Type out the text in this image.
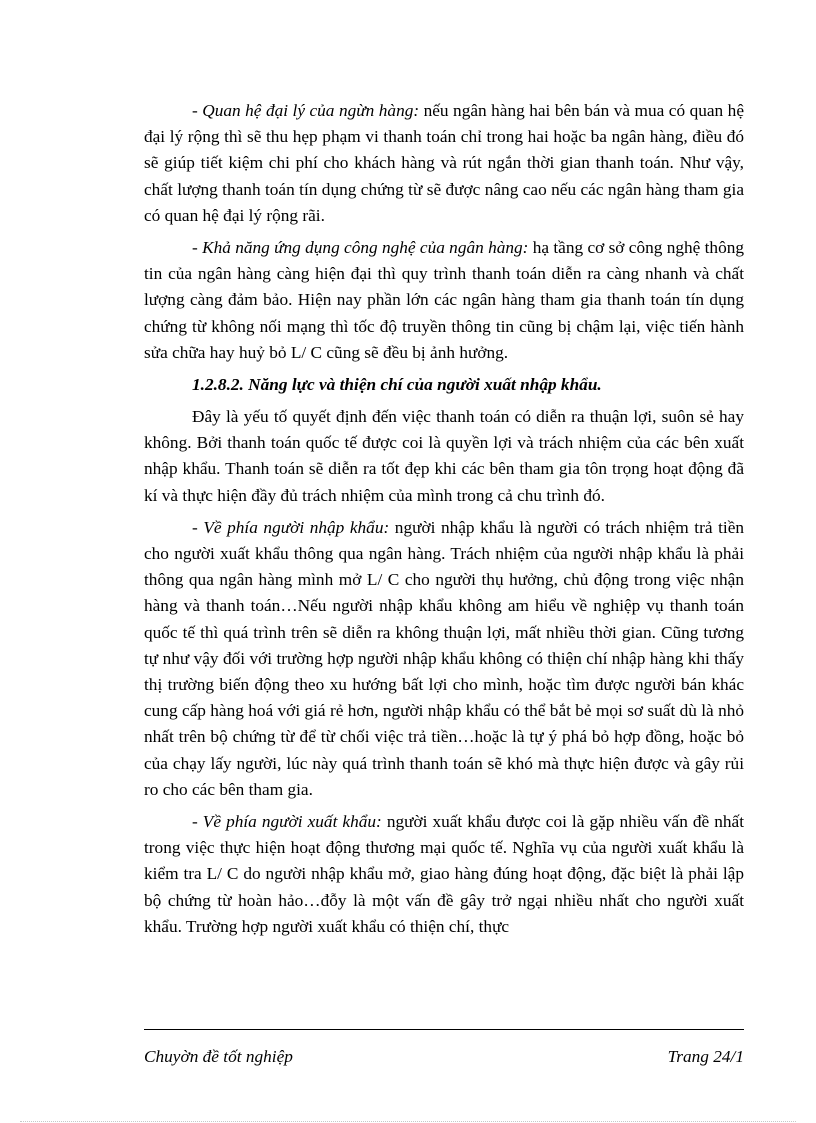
- Quan hệ đại lý của ngừn hàng: nếu ngân hàng hai bên bán và mua có quan hệ đại lý rộng thì sẽ thu hẹp phạm vi thanh toán chỉ trong hai hoặc ba ngân hàng, điều đó sẽ giúp tiết kiệm chi phí cho khách hàng và rút ngắn thời gian thanh toán. Như vậy, chất lượng thanh toán tín dụng chứng từ sẽ được nâng cao nếu các ngân hàng tham gia có quan hệ đại lý rộng rãi.

- Khả năng ứng dụng công nghệ của ngân hàng: hạ tầng cơ sở công nghệ thông tin của ngân hàng càng hiện đại thì quy trình thanh toán diễn ra càng nhanh và chất lượng càng đảm bảo. Hiện nay phần lớn các ngân hàng tham gia thanh toán tín dụng chứng từ không nối mạng thì tốc độ truyền thông tin cũng bị chậm lại, việc tiến hành sửa chữa hay huỷ bỏ L/ C cũng sẽ đều bị ảnh hưởng.

1.2.8.2. Năng lực và thiện chí của người xuất nhập khẩu.

Đây là yếu tố quyết định đến việc thanh toán có diễn ra thuận lợi, suôn sẻ hay không. Bởi thanh toán quốc tế được coi là quyền lợi và trách nhiệm của các bên xuất nhập khẩu. Thanh toán sẽ diễn ra tốt đẹp khi các bên tham gia tôn trọng hoạt động đã kí và thực hiện đầy đủ trách nhiệm của mình trong cả chu trình đó.

- Về phía người nhập khẩu: người nhập khẩu là người có trách nhiệm trả tiền cho người xuất khẩu thông qua ngân hàng. Trách nhiệm của người nhập khẩu là phải thông qua ngân hàng mình mở L/ C cho người thụ hưởng, chủ động trong việc nhận hàng và thanh toán…Nếu người nhập khẩu không am hiểu về nghiệp vụ thanh toán quốc tế thì quá trình trên sẽ diễn ra không thuận lợi, mất nhiều thời gian. Cũng tương tự như vậy đối với trường hợp người nhập khẩu không có thiện chí nhập hàng khi thấy thị trường biến động theo xu hướng bất lợi cho mình, hoặc tìm được người bán khác cung cấp hàng hoá với giá rẻ hơn, người nhập khẩu có thể bắt bẻ mọi sơ suất dù là nhỏ nhất trên bộ chứng từ để từ chối việc trả tiền…hoặc là tự ý phá bỏ hợp đồng, hoặc bỏ của chạy lấy người, lúc này quá trình thanh toán sẽ khó mà thực hiện được và gây rủi ro cho các bên tham gia.

- Về phía người xuất khẩu: người xuất khẩu được coi là gặp nhiều vấn đề nhất trong việc thực hiện hoạt động thương mại quốc tế. Nghĩa vụ của người xuất khẩu là kiểm tra L/ C do người nhập khẩu mở, giao hàng đúng hoạt động, đặc biệt là phải lập bộ chứng từ hoàn hảo…đỗy là một vấn đề gây trở ngại nhiều nhất cho người xuất khẩu. Trường hợp người xuất khẩu có thiện chí, thực

Chuyờn đề tốt nghiệp	Trang 24/1
